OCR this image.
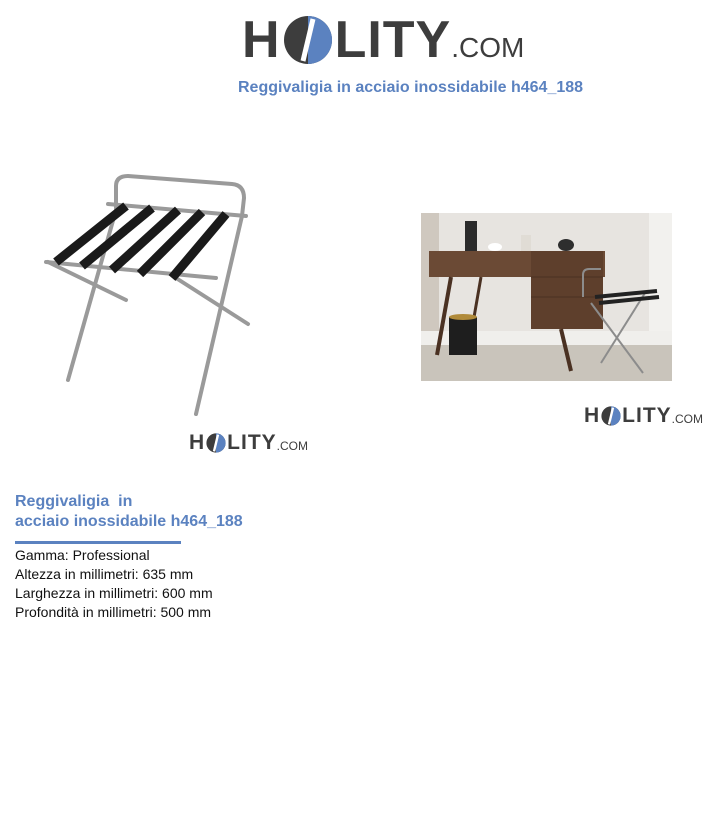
H LITY .COM
Reggivaligia in acciaio inossidabile h464_188
H LITY .COM
H LITY .COM
Reggivaligia  in
acciaio inossidabile h464_188
Gamma: Professional
Altezza in millimetri: 635 mm
Larghezza in millimetri: 600 mm
Profondità in millimetri: 500 mm
